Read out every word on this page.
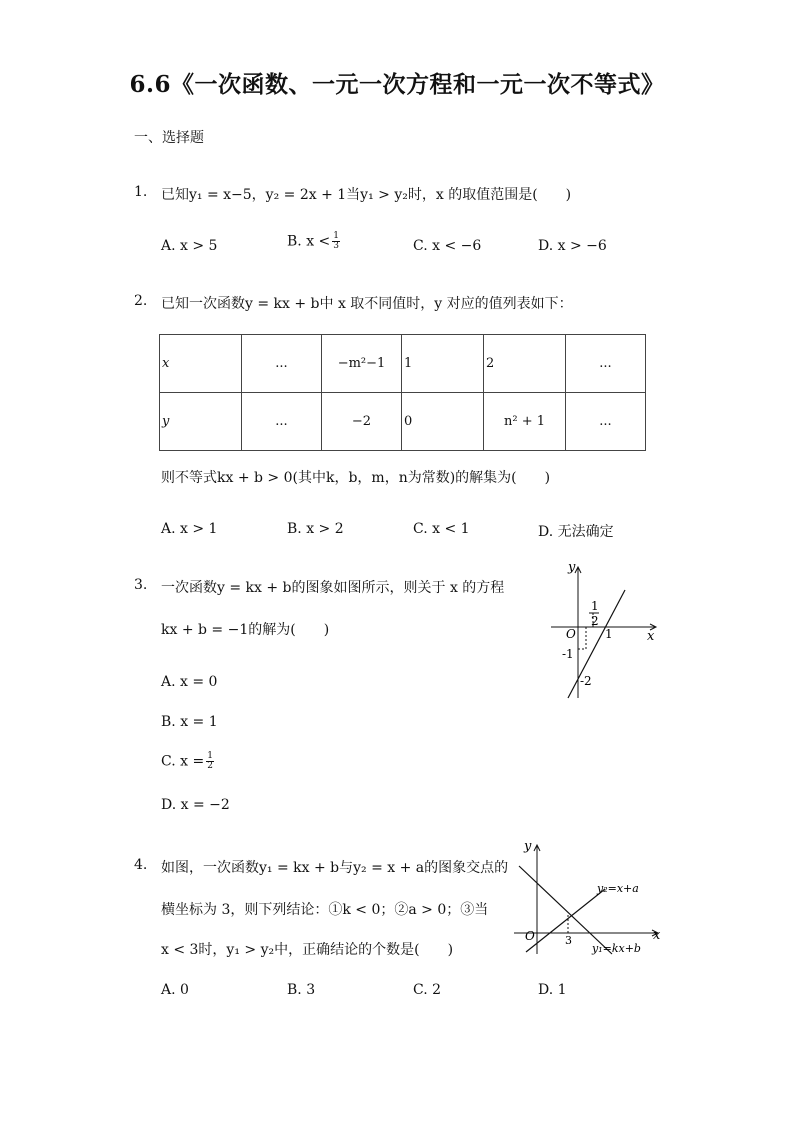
6.6《一次函数、一元一次方程和一元一次不等式》
一、选择题
1. 已知y₁ = x−5，y₂ = 2x + 1当y₁ > y₂时，x 的取值范围是(　　)
A. x > 5	B. $x < \frac{1}{3}$	C. x < −6	D. x > −6
2. 已知一次函数y = kx + b中 x 取不同值时，y 对应的值列表如下：
x	...	−m²−1	1	2	...
y	...	−2	0	n² + 1	...
则不等式kx + b > 0(其中k，b，m，n为常数)的解集为(　　)
A. x > 1	B. x > 2	C. x < 1	D. 无法确定
3. 一次函数y = kx + b的图象如图所示，则关于 x 的方程
kx + b = −1的解为(　　)
A. x = 0
B. x = 1
C. $x = \frac{1}{2}$
D. x = −2
y
x
O
1
2
1
-1
-2
4. 如图，一次函数y₁ = kx + b与y₂ = x + a的图象交点的
横坐标为 3，则下列结论：①k < 0；②a > 0；③当
x < 3时，y₁ > y₂中，正确结论的个数是(　　)
A. 0	B. 3	C. 2	D. 1
y
x
O	3
y₂=x+a
y₁=kx+b
